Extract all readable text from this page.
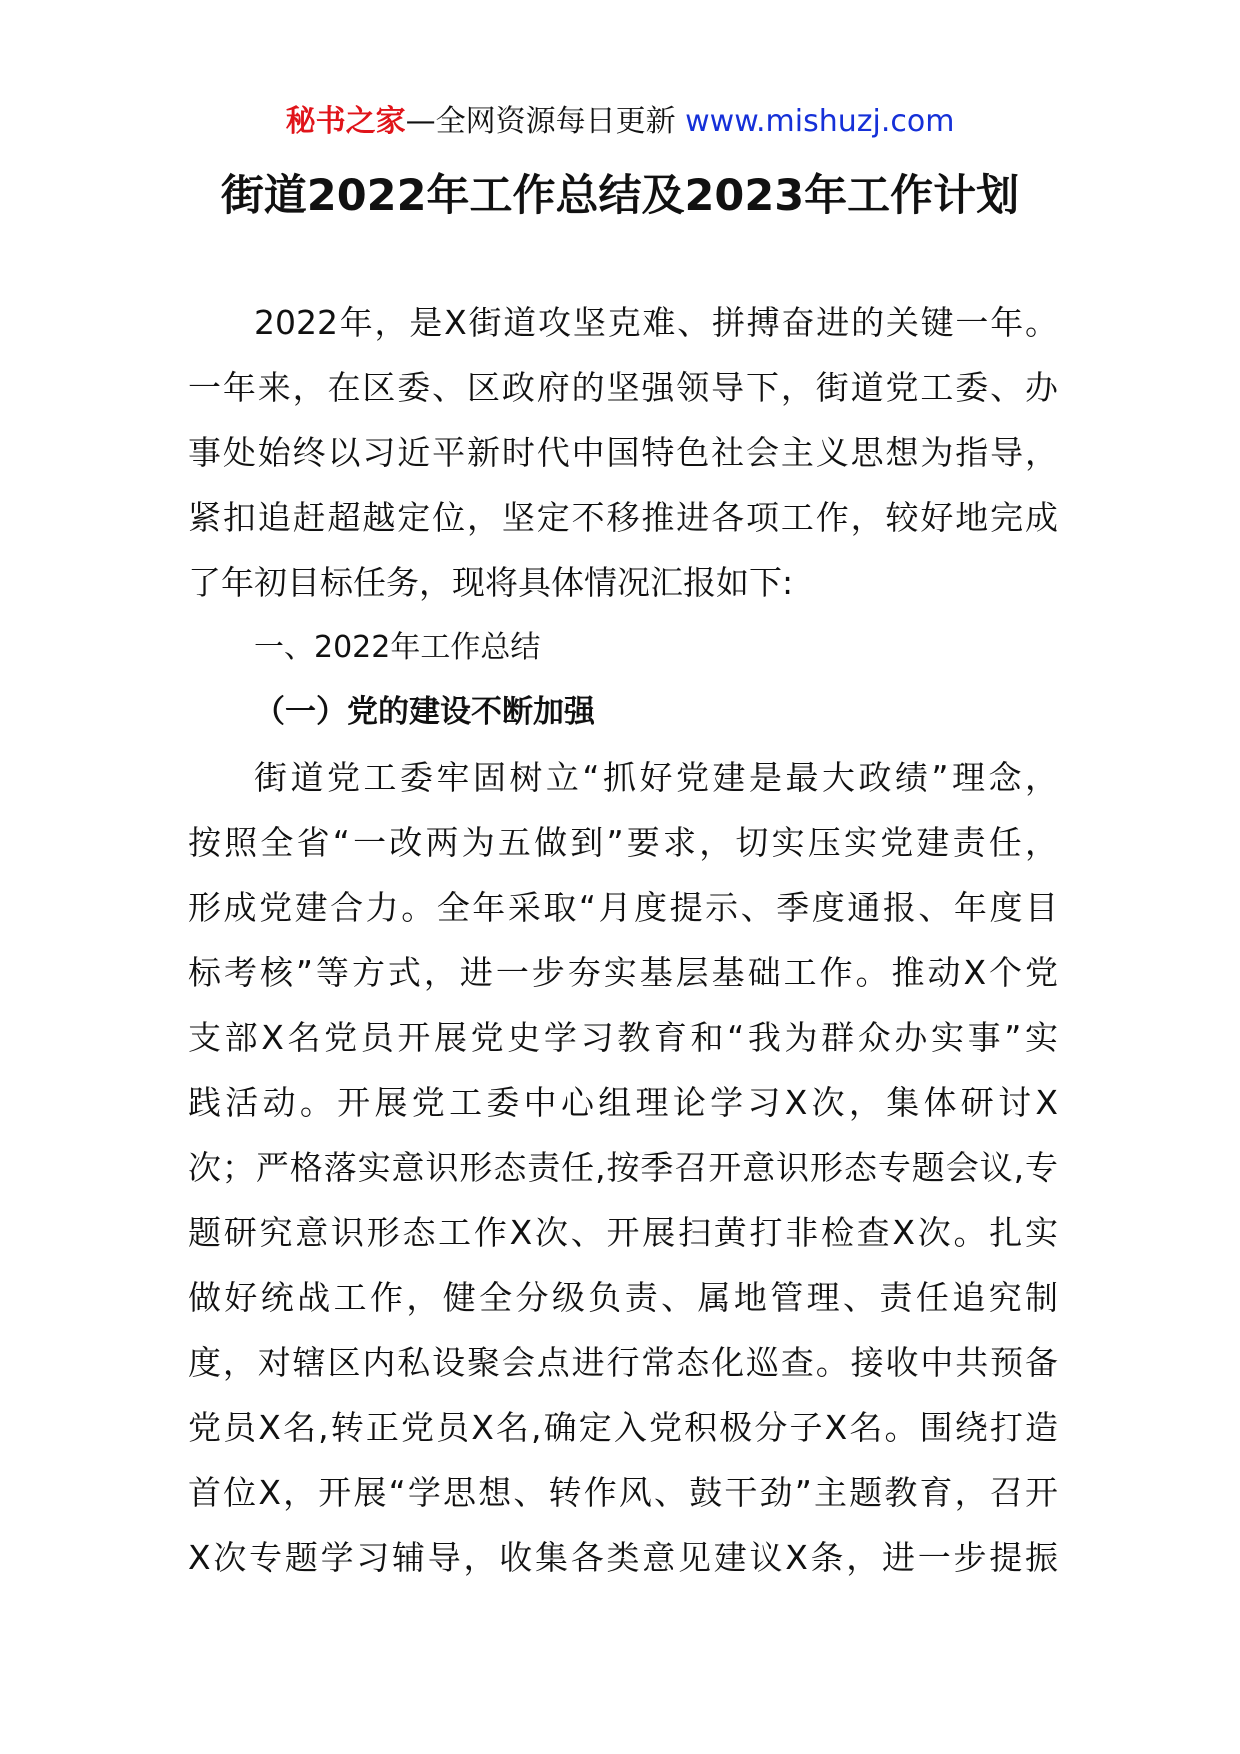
秘书之家—全网资源每日更新 www.mishuzj.com
街道2022年工作总结及2023年工作计划
2022年，是X街道攻坚克难、拼搏奋进的关键一年。
一年来，在区委、区政府的坚强领导下，街道党工委、办
事处始终以习近平新时代中国特色社会主义思想为指导，
紧扣追赶超越定位，坚定不移推进各项工作，较好地完成
了年初目标任务，现将具体情况汇报如下:
一、2022年工作总结
（一）党的建设不断加强
街道党工委牢固树立“抓好党建是最大政绩”理念，
按照全省“一改两为五做到”要求，切实压实党建责任，
形成党建合力。全年采取“月度提示、季度通报、年度目
标考核”等方式，进一步夯实基层基础工作。推动X个党
支部X名党员开展党史学习教育和“我为群众办实事”实
践活动。开展党工委中心组理论学习X次，集体研讨X
次；严格落实意识形态责任,按季召开意识形态专题会议,专
题研究意识形态工作X次、开展扫黄打非检查X次。扎实
做好统战工作，健全分级负责、属地管理、责任追究制
度，对辖区内私设聚会点进行常态化巡查。接收中共预备
党员X名,转正党员X名,确定入党积极分子X名。围绕打造
首位X，开展“学思想、转作风、鼓干劲”主题教育，召开
X次专题学习辅导，收集各类意见建议X条，进一步提振
